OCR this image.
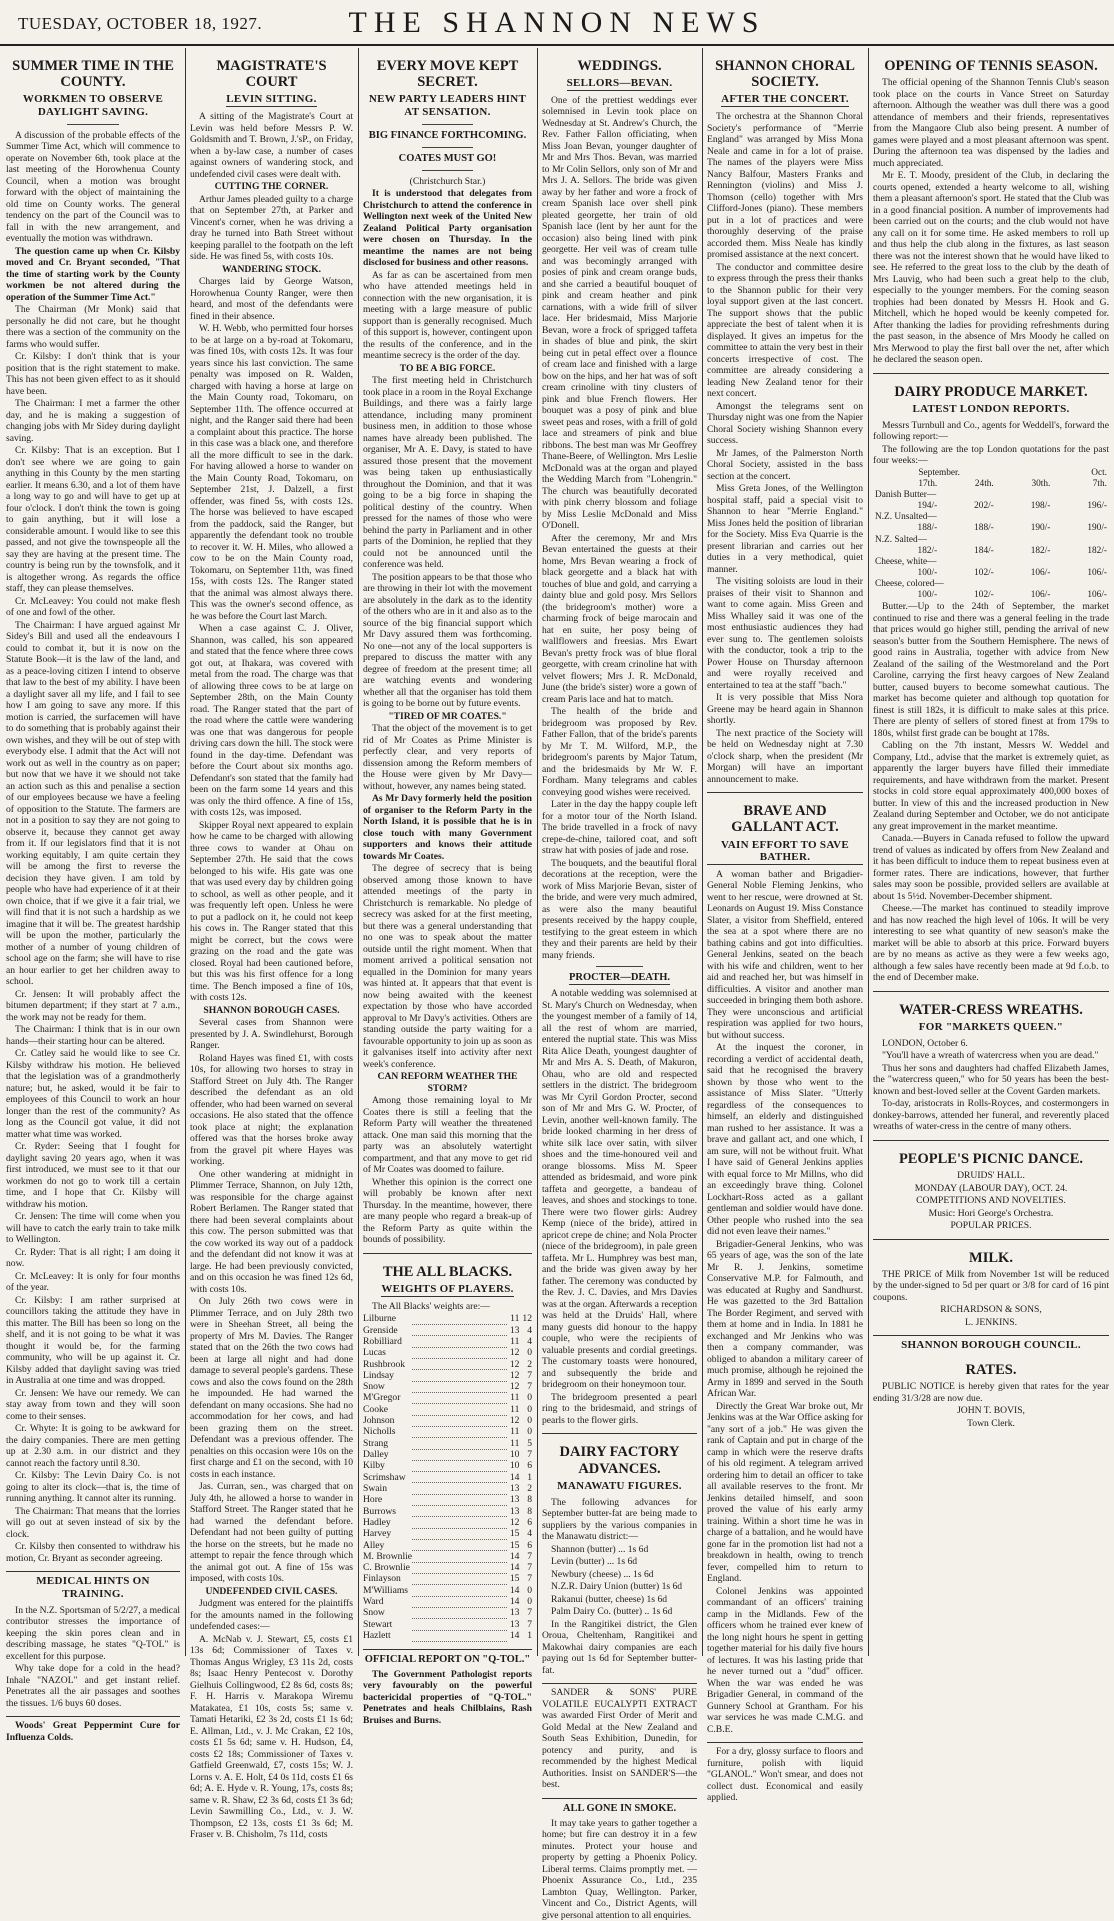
TUESDAY, OCTOBER 18, 1927.	THE SHANNON NEWS
SUMMER TIME IN THE COUNTY.
WORKMEN TO OBSERVE DAYLIGHT SAVING.

A discussion of the probable effects of the Summer Time Act, which will commence to operate on November 6th, took place at the last meeting of the Horowhenua County Council, when a motion was brought forward with the object of maintaining the old time on County works. The general tendency on the part of the Council was to fall in with the new arrangement, and eventually the motion was withdrawn.

The question came up when Cr. Kilsby moved and Cr. Bryant seconded, "That the time of starting work by the County workmen be not altered during the operation of the Summer Time Act."

The Chairman (Mr Monk) said that personally he did not care, but he thought there was a section of the community on the farms who would suffer.

Cr. Kilsby: I don't think that is your position that is the right statement to make. This has not been given effect to as it should have been.

The Chairman: I met a farmer the other day, and he is making a suggestion of changing jobs with Mr Sidey during daylight saving.

Cr. Kilsby: That is an exception. But I don't see where we are going to gain anything in this County by the men starting earlier. It means 6.30, and a lot of them have a long way to go and will have to get up at four o'clock. I don't think the town is going to gain anything, but it will lose a considerable amount. I would like to see this passed, and not give the townspeople all the say they are having at the present time. The country is being run by the townsfolk, and it is altogether wrong. As regards the office staff, they can please themselves.

Cr. McLeavey: You could not make flesh of one and fowl of the other.

The Chairman: I have argued against Mr Sidey's Bill and used all the endeavours I could to combat it, but it is now on the Statute Book—it is the law of the land, and as a peace-loving citizen I intend to observe that law to the best of my ability. I have been a daylight saver all my life, and I fail to see how I am going to save any more. If this motion is carried, the surfacemen will have to do something that is probably against their own wishes, and they will be out of step with everybody else. I admit that the Act will not work out as well in the country as on paper; but now that we have it we should not take an action such as this and penalise a section of our employees because we have a feeling of opposition to the Statute. The farmers are not in a position to say they are not going to observe it, because they cannot get away from it. If our legislators find that it is not working equitably, I am quite certain they will be among the first to reverse the decision they have given. I am told by people who have had experience of it at their own choice, that if we give it a fair trial, we will find that it is not such a hardship as we imagine that it will be. The greatest hardship will be upon the mother, particularly the mother of a number of young children of school age on the farm; she will have to rise an hour earlier to get her children away to school.

Cr. Jensen: It will probably affect the bitumen department; if they start at 7 a.m., the work may not be ready for them.

The Chairman: I think that is in our own hands—their starting hour can be altered.

Cr. Catley said he would like to see Cr. Kilsby withdraw his motion. He believed that the legislation was of a grandmotherly nature; but, he asked, would it be fair to employees of this Council to work an hour longer than the rest of the community? As long as the Council got value, it did not matter what time was worked.

Cr. Ryder: Seeing that I fought for daylight saving 20 years ago, when it was first introduced, we must see to it that our workmen do not go to work till a certain time, and I hope that Cr. Kilsby will withdraw his motion.

Cr. Jensen: The time will come when you will have to catch the early train to take milk to Wellington.

Cr. Ryder: That is all right; I am doing it now.

Cr. McLeavey: It is only for four months of the year.

Cr. Kilsby: I am rather surprised at councillors taking the attitude they have in this matter. The Bill has been so long on the shelf, and it is not going to be what it was thought it would be, for the farming community, who will be up against it. Cr. Kilsby added that daylight saving was tried in Australia at one time and was dropped.

Cr. Jensen: We have our remedy. We can stay away from town and they will soon come to their senses.

Cr. Whyte: It is going to be awkward for the dairy companies. There are men getting up at 2.30 a.m. in our district and they cannot reach the factory until 8.30.

Cr. Kilsby: The Levin Dairy Co. is not going to alter its clock—that is, the time of running anything. It cannot alter its running.

The Chairman: That means that the lorries will go out at seven instead of six by the clock.

Cr. Kilsby then consented to withdraw his motion, Cr. Bryant as seconder agreeing.

MEDICAL HINTS ON TRAINING.

In the N.Z. Sportsman of 5/2/27, a medical contributor stresses the importance of keeping the skin pores clean and in describing massage, he states "Q-TOL" is excellent for this purpose.

Why take dope for a cold in the head? Inhale "NAZOL" and get instant relief. Penetrates all the air passages and soothes the tissues. 1/6 buys 60 doses.

Woods' Great Peppermint Cure for Influenza Colds.

MAGISTRATE'S COURT
LEVIN SITTING.

A sitting of the Magistrate's Court at Levin was held before Messrs P. W. Goldsmith and T. Brown, J.'sP., on Friday, when a by-law case, a number of cases against owners of wandering stock, and undefended civil cases were dealt with.

CUTTING THE CORNER.

Arthur James pleaded guilty to a charge that on September 27th, at Parker and Vincent's corner, when he was driving a dray he turned into Bath Street without keeping parallel to the footpath on the left side. He was fined 5s, with costs 10s.

WANDERING STOCK.

Charges laid by George Watson, Horowhenua County Ranger, were then heard, and most of the defendants were fined in their absence.

W. H. Webb, who permitted four horses to be at large on a by-road at Tokomaru, was fined 10s, with costs 12s. It was four years since his last conviction. The same penalty was imposed on R. Walden, charged with having a horse at large on the Main County road, Tokomaru, on September 11th. The offence occurred at night, and the Ranger said there had been a complaint about this practice. The horse in this case was a black one, and therefore all the more difficult to see in the dark. For having allowed a horse to wander on the Main County Road, Tokomaru, on September 21st, J. Dalzell, a first offender, was fined 5s, with costs 12s. The horse was believed to have escaped from the paddock, said the Ranger, but apparently the defendant took no trouble to recover it. W. H. Miles, who allowed a cow to be on the Main County road, Tokomaru, on September 11th, was fined 15s, with costs 12s. The Ranger stated that the animal was almost always there. This was the owner's second offence, as he was before the Court last March.

When a case against C. J. Oliver, Shannon, was called, his son appeared and stated that the fence where three cows got out, at Ihakara, was covered with metal from the road. The charge was that of allowing three cows to be at large on September 28th, on the Main County road. The Ranger stated that the part of the road where the cattle were wandering was one that was dangerous for people driving cars down the hill. The stock were found in the day-time. Defendant was before the Court about six months ago. Defendant's son stated that the family had been on the farm some 14 years and this was only the third offence. A fine of 15s, with costs 12s, was imposed.

Skipper Royal next appeared to explain how he came to be charged with allowing three cows to wander at Ohau on September 27th. He said that the cows belonged to his wife. His gate was one that was used every day by children going to school, as well as other people, and it was frequently left open. Unless he were to put a padlock on it, he could not keep his cows in. The Ranger stated that this might be correct, but the cows were grazing on the road and the gate was closed. Royal had been cautioned before, but this was his first offence for a long time. The Bench imposed a fine of 10s, with costs 12s.

SHANNON BOROUGH CASES.

Several cases from Shannon were presented by J. A. Swindlehurst, Borough Ranger.

Roland Hayes was fined £1, with costs 10s, for allowing two horses to stray in Stafford Street on July 4th. The Ranger described the defendant as an old offender, who had been warned on several occasions. He also stated that the offence took place at night; the explanation offered was that the horses broke away from the gravel pit where Hayes was working.

One other wandering at midnight in Plimmer Terrace, Shannon, on July 12th, was responsible for the charge against Robert Berlamen. The Ranger stated that there had been several complaints about this cow. The person submitted was that the cow worked its way out of a paddock and the defendant did not know it was at large. He had been previously convicted, and on this occasion he was fined 12s 6d, with costs 10s.

On July 26th two cows were in Plimmer Terrace, and on July 28th two were in Sheehan Street, all being the property of Mrs M. Davies. The Ranger stated that on the 26th the two cows had been at large all night and had done damage to several people's gardens. These cows and also the cows found on the 28th he impounded. He had warned the defendant on many occasions. She had no accommodation for her cows, and had been grazing them on the street. Defendant was a previous offender. The penalties on this occasion were 10s on the first charge and £1 on the second, with 10 costs in each instance.

Jas. Curran, sen., was charged that on July 4th, he allowed a horse to wander in Stafford Street. The Ranger stated that he had warned the defendant before. Defendant had not been guilty of putting the horse on the streets, but he made no attempt to repair the fence through which the animal got out. A fine of 15s was imposed, with costs 10s.

UNDEFENDED CIVIL CASES.

Judgment was entered for the plaintiffs for the amounts named in the following undefended cases:—

A. McNab v. J. Stewart, £5, costs £1 13s 6d; Commissioner of Taxes v. Thomas Angus Wrigley, £3 11s 2d, costs 8s; Isaac Henry Pentecost v. Dorothy Gielhuis Collingwood, £2 8s 6d, costs 8s; F. H. Harris v. Marakopa Wiremu Matakatea, £1 10s, costs 5s; same v. Tamati Hetariki, £2 3s 2d, costs £1 1s 6d; E. Allman, Ltd., v. J. Mc Crakan, £2 10s, costs £1 5s 6d; same v. H. Hudson, £4, costs £2 18s; Commissioner of Taxes v. Gatfield Greenwald, £7, costs 15s; W. J. Lorns v. A. E. Holt, £4 0s 11d, costs £1 6s 6d; A. E. Hyde v. R. Young, 17s, costs 8s; same v. R. Shaw, £2 3s 6d, costs £1 3s 6d; Levin Sawmilling Co., Ltd., v. J. W. Thompson, £2 13s, costs £1 3s 6d; M. Fraser v. B. Chisholm, 7s 11d, costs

EVERY MOVE KEPT SECRET.
NEW PARTY LEADERS HINT AT SENSATION.
BIG FINANCE FORTHCOMING.
COATES MUST GO!

(Christchurch Star.)

It is understood that delegates from Christchurch to attend the conference in Wellington next week of the United New Zealand Political Party organisation were chosen on Thursday. In the meantime the names are not being disclosed for business and other reasons.

As far as can be ascertained from men who have attended meetings held in connection with the new organisation, it is meeting with a large measure of public support than is generally recognised. Much of this support is, however, contingent upon the results of the conference, and in the meantime secrecy is the order of the day.

TO BE A BIG FORCE.

The first meeting held in Christchurch took place in a room in the Royal Exchange Buildings, and there was a fairly large attendance, including many prominent business men, in addition to those whose names have already been published. The organiser, Mr A. E. Davy, is stated to have assured those present that the movement was being taken up enthusiastically throughout the Dominion, and that it was going to be a big force in shaping the political destiny of the country. When pressed for the names of those who were behind the party in Parliament and in other parts of the Dominion, he replied that they could not be announced until the conference was held.

The position appears to be that those who are throwing in their lot with the movement are absolutely in the dark as to the identity of the others who are in it and also as to the source of the big financial support which Mr Davy assured them was forthcoming. No one—not any of the local supporters is prepared to discuss the matter with any degree of freedom at the present time; all are watching events and wondering whether all that the organiser has told them is going to be borne out by future events.

"TIRED OF MR COATES."

That the object of the movement is to get rid of Mr Coates as Prime Minister is perfectly clear, and very reports of dissension among the Reform members of the House were given by Mr Davy—without, however, any names being stated.

As Mr Davy formerly held the position of organiser to the Reform Party in the North Island, it is possible that he is in close touch with many Government supporters and knows their attitude towards Mr Coates.

The degree of secrecy that is being observed among those known to have attended meetings of the party in Christchurch is remarkable. No pledge of secrecy was asked for at the first meeting, but there was a general understanding that no one was to speak about the matter outside until the right moment. When that moment arrived a political sensation not equalled in the Dominion for many years was hinted at. It appears that that event is now being awaited with the keenest expectation by those who have accorded approval to Mr Davy's activities. Others are standing outside the party waiting for a favourable opportunity to join up as soon as it galvanises itself into activity after next week's conference.

CAN REFORM WEATHER THE STORM?

Among those remaining loyal to Mr Coates there is still a feeling that the Reform Party will weather the threatened attack. One man said this morning that the party was an absolutely watertight compartment, and that any move to get rid of Mr Coates was doomed to failure.

Whether this opinion is the correct one will probably be known after next Thursday. In the meantime, however, there are many people who regard a break-up of the Reform Party as quite within the bounds of possibility.

THE ALL BLACKS.
WEIGHTS OF PLAYERS.

The All Blacks' weights are:—

Lilburne		11	12
Grenside		13	4
Robilliard		11	4
Lucas		12	0
Rushbrook		12	2
Lindsay		12	7
Snow		12	7
M'Gregor		11	0
Cooke		11	0
Johnson		12	0
Nicholls		11	0
Strang		11	5
Dalley		10	7
Kilby		10	6
Scrimshaw		14	1
Swain		13	2
Hore		13	8
Burrows		13	8
Hadley		12	6
Harvey		15	4
Alley		15	6
M. Brownlie		14	7
C. Brownlie		14	7
Finlayson		15	7
M'Williams		14	0
Ward		14	0
Snow		13	7
Stewart		13	7
Hazlett		14	1
OFFICIAL REPORT ON "Q-TOL."

The Government Pathologist reports very favourably on the powerful bactericidal properties of "Q-TOL." Penetrates and heals Chilblains, Rash Bruises and Burns.

WEDDINGS.
SELLORS—BEVAN.

One of the prettiest weddings ever solemnised in Levin took place on Wednesday at St. Andrew's Church, the Rev. Father Fallon officiating, when Miss Joan Bevan, younger daughter of Mr and Mrs Thos. Bevan, was married to Mr Colin Sellors, only son of Mr and Mrs J. A. Sellors. The bride was given away by her father and wore a frock of cream Spanish lace over shell pink pleated georgette, her train of old Spanish lace (lent by her aunt for the occasion) also being lined with pink georgette. Her veil was of cream tulle and was becomingly arranged with posies of pink and cream orange buds, and she carried a beautiful bouquet of pink and cream heather and pink carnations, with a wide frill of silver lace. Her bridesmaid, Miss Marjorie Bevan, wore a frock of sprigged taffeta in shades of blue and pink, the skirt being cut in petal effect over a flounce of cream lace and finished with a large bow on the hips, and her hat was of soft cream crinoline with tiny clusters of pink and blue French flowers. Her bouquet was a posy of pink and blue sweet peas and roses, with a frill of gold lace and streamers of pink and blue ribbons. The best man was Mr Geoffrey Thane-Beere, of Wellington. Mrs Leslie McDonald was at the organ and played the Wedding March from "Lohengrin." The church was beautifully decorated with pink cherry blossom and foliage by Miss Leslie McDonald and Miss O'Donell.

After the ceremony, Mr and Mrs Bevan entertained the guests at their home, Mrs Bevan wearing a frock of black georgette and a black hat with touches of blue and gold, and carrying a dainty blue and gold posy. Mrs Sellors (the bridegroom's mother) wore a charming frock of beige marocain and hat en suite, her posy being of wallflowers and freesias. Mrs Ewart Bevan's pretty frock was of blue floral georgette, with cream crinoline hat with velvet flowers; Mrs J. R. McDonald, June (the bride's sister) wore a gown of cream Paris lace and hat to match.

The health of the bride and bridegroom was proposed by Rev. Father Fallon, that of the bride's parents by Mr T. M. Wilford, M.P., the bridegroom's parents by Major Tatum, and the bridesmaids by Mr W. F. Fordham. Many telegrams and cables conveying good wishes were received.

Later in the day the happy couple left for a motor tour of the North Island. The bride travelled in a frock of navy crepe-de-chine, tailored coat, and soft straw hat with posies of jade and rose.

The bouquets, and the beautiful floral decorations at the reception, were the work of Miss Marjorie Bevan, sister of the bride, and were very much admired, as were also the many beautiful presents received by the happy couple, testifying to the great esteem in which they and their parents are held by their many friends.

PROCTER—DEATH.

A notable wedding was solemnised at St. Mary's Church on Wednesday, when the youngest member of a family of 14, all the rest of whom are married, entered the nuptial state. This was Miss Rita Alice Death, youngest daughter of Mr and Mrs A. S. Death, of Makuron, Ohau, who are old and respected settlers in the district. The bridegroom was Mr Cyril Gordon Procter, second son of Mr and Mrs G. W. Procter, of Levin, another well-known family. The bride looked charming in her dress of white silk lace over satin, with silver shoes and the time-honoured veil and orange blossoms. Miss M. Speer attended as bridesmaid, and wore pink taffeta and georgette, a bandeau of leaves, and shoes and stockings to tone. There were two flower girls: Audrey Kemp (niece of the bride), attired in apricot crepe de chine; and Nola Procter (niece of the bridegroom), in pale green taffeta. Mr L. Humphrey was best man, and the bride was given away by her father. The ceremony was conducted by the Rev. J. C. Davies, and Mrs Davies was at the organ. Afterwards a reception was held at the Druids' Hall, where many guests did honour to the happy couple, who were the recipients of valuable presents and cordial greetings. The customary toasts were honoured, and subsequently the bride and bridegroom on their honeymoon tour.

The bridegroom presented a pearl ring to the bridesmaid, and strings of pearls to the flower girls.

DAIRY FACTORY ADVANCES.
MANAWATU FIGURES.

The following advances for September butter-fat are being made to suppliers by the various companies in the Manawatu district:—

Shannon (butter) ... 1s 6d

Levin (butter) ... 1s 6d

Newbury (cheese) ... 1s 6d

N.Z.R. Dairy Union (butter) 1s 6d

Rakanui (butter, cheese) 1s 6d

Palm Dairy Co. (butter) .. 1s 6d

In the Rangitikei district, the Glen Oroua, Cheltenham, Rangitikei and Makowhai dairy companies are each paying out 1s 6d for September butter-fat.

SANDER & SONS' PURE VOLATILE EUCALYPTI EXTRACT was awarded First Order of Merit and Gold Medal at the New Zealand and South Seas Exhibition, Dunedin, for potency and purity, and is recommended by the highest Medical Authorities. Insist on SANDER'S—the best.

ALL GONE IN SMOKE.

It may take years to gather together a home; but fire can destroy it in a few minutes. Protect your house and property by getting a Phoenix Policy. Liberal terms. Claims promptly met. —Phoenix Assurance Co., Ltd., 235 Lambton Quay, Wellington. Parker, Vincent and Co., District Agents, will give personal attention to all enquiries.

SHANNON CHORAL SOCIETY.
AFTER THE CONCERT.

The orchestra at the Shannon Choral Society's performance of "Merrie England" was arranged by Miss Mona Neale and came in for a lot of praise. The names of the players were Miss Nancy Balfour, Masters Franks and Rennington (violins) and Miss J. Thomson (cello) together with Mrs Clifford-Jones (piano). These members put in a lot of practices and were thoroughly deserving of the praise accorded them. Miss Neale has kindly promised assistance at the next concert.

The conductor and committee desire to express through the press their thanks to the Shannon public for their very loyal support given at the last concert. The support shows that the public appreciate the best of talent when it is displayed. It gives an impetus for the committee to attain the very best in their concerts irrespective of cost. The committee are already considering a leading New Zealand tenor for their next concert.

Amongst the telegrams sent on Thursday night was one from the Napier Choral Society wishing Shannon every success.

Mr James, of the Palmerston North Choral Society, assisted in the bass section at the concert.

Miss Greta Jones, of the Wellington hospital staff, paid a special visit to Shannon to hear "Merrie England." Miss Jones held the position of librarian for the Society. Miss Eva Quarrie is the present librarian and carries out her duties in a very methodical, quiet manner.

The visiting soloists are loud in their praises of their visit to Shannon and want to come again. Miss Green and Miss Whalley said it was one of the most enthusiastic audiences they had ever sung to. The gentlemen soloists with the conductor, took a trip to the Power House on Thursday afternoon and were royally received and entertained to tea at the staff "bach."

It is very possible that Miss Nora Greene may be heard again in Shannon shortly.

The next practice of the Society will be held on Wednesday night at 7.30 o'clock sharp, when the president (Mr Morgan) will have an important announcement to make.

BRAVE AND GALLANT ACT.
VAIN EFFORT TO SAVE BATHER.

A woman bather and Brigadier-General Noble Fleming Jenkins, who went to her rescue, were drowned at St. Leonards on August 19. Miss Constance Slater, a visitor from Sheffield, entered the sea at a spot where there are no bathing cabins and got into difficulties. General Jenkins, seated on the beach with his wife and children, went to her aid and reached her, but was himself in difficulties. A visitor and another man succeeded in bringing them both ashore. They were unconscious and artificial respiration was applied for two hours, but without success.

At the inquest the coroner, in recording a verdict of accidental death, said that he recognised the bravery shown by those who went to the assistance of Miss Slater. "Utterly regardless of the consequences to himself, an elderly and distinguished man rushed to her assistance. It was a brave and gallant act, and one which, I am sure, will not be without fruit. What I have said of General Jenkins applies with equal force to Mr Millns, who did an exceedingly brave thing. Colonel Lockhart-Ross acted as a gallant gentleman and soldier would have done. Other people who rushed into the sea did not even leave their names."

Brigadier-General Jenkins, who was 65 years of age, was the son of the late Mr R. J. Jenkins, sometime Conservative M.P. for Falmouth, and was educated at Rugby and Sandhurst. He was gazetted to the 3rd Battalion The Border Regiment, and served with them at home and in India. In 1881 he exchanged and Mr Jenkins who was then a company commander, was obliged to abandon a military career of much promise, although he rejoined the Army in 1899 and served in the South African War.

Directly the Great War broke out, Mr Jenkins was at the War Office asking for "any sort of a job." He was given the rank of Captain and put in charge of the camp in which were the reserve drafts of his old regiment. A telegram arrived ordering him to detail an officer to take all available reserves to the front. Mr Jenkins detailed himself, and soon proved the value of his early army training. Within a short time he was in charge of a battalion, and he would have gone far in the promotion list had not a breakdown in health, owing to trench fever, compelled him to return to England.

Colonel Jenkins was appointed commandant of an officers' training camp in the Midlands. Few of the officers whom he trained ever knew of the long night hours he spent in getting together material for his daily five hours of lectures. It was his lasting pride that he never turned out a "dud" officer. When the war was ended he was Brigadier General, in command of the Gunnery School at Grantham. For his war services he was made C.M.G. and C.B.E.

For a dry, glossy surface to floors and furniture, polish with liquid "GLANOL." Won't smear, and does not collect dust. Economical and easily applied.

OPENING OF TENNIS SEASON.

The official opening of the Shannon Tennis Club's season took place on the courts in Vance Street on Saturday afternoon. Although the weather was dull there was a good attendance of members and their friends, representatives from the Mangaore Club also being present. A number of games were played and a most pleasant afternoon was spent. During the afternoon tea was dispensed by the ladies and much appreciated.

Mr E. T. Moody, president of the Club, in declaring the courts opened, extended a hearty welcome to all, wishing them a pleasant afternoon's sport. He stated that the Club was in a good financial position. A number of improvements had been carried out on the courts; and the club would not have any call on it for some time. He asked members to roll up and thus help the club along in the fixtures, as last season there was not the interest shown that he would have liked to see. He referred to the great loss to the club by the death of Mrs Lauvig, who had been such a great help to the club, especially to the younger members. For the coming season trophies had been donated by Messrs H. Hook and G. Mitchell, which he hoped would be keenly competed for. After thanking the ladies for providing refreshments during the past season, in the absence of Mrs Moody he called on Mrs Merwood to play the first ball over the net, after which he declared the season open.

DAIRY PRODUCE MARKET.
LATEST LONDON REPORTS.

Messrs Turnbull and Co., agents for Weddell's, forward the following report:—

The following are the top London quotations for the past four weeks:—

	September.			Oct.
	17th.	24th.	30th.	7th.
Danish Butter—				
	194/-	202/-	198/-	196/-
N.Z. Unsalted—				
	188/-	188/-	190/-	190/-
N.Z. Salted—				
	182/-	184/-	182/-	182/-
Cheese, white—				
	100/-	102/-	106/-	106/-
Cheese, colored—				
	100/-	102/-	106/-	106/-

Butter.—Up to the 24th of September, the market continued to rise and there was a general feeling in the trade that prices would go higher still, pending the arrival of new season's butter from the Southern Hemisphere. The news of good rains in Australia, together with advice from New Zealand of the sailing of the Westmoreland and the Port Caroline, carrying the first heavy cargoes of New Zealand butter, caused buyers to become somewhat cautious. The market has become quieter and although top quotation for finest is still 182s, it is difficult to make sales at this price. There are plenty of sellers of stored finest at from 179s to 180s, whilst first grade can be bought at 178s.

Cabling on the 7th instant, Messrs W. Weddel and Company, Ltd., advise that the market is extremely quiet, as apparently the larger buyers have filled their immediate requirements, and have withdrawn from the market. Present stocks in cold store equal approximately 400,000 boxes of butter. In view of this and the increased production in New Zealand during September and October, we do not anticipate any great improvement in the market meantime.

Canada.—Buyers in Canada refused to follow the upward trend of values as indicated by offers from New Zealand and it has been difficult to induce them to repeat business even at former rates. There are indications, however, that further sales may soon be possible, provided sellers are available at about 1s 5½d. November-December shipment.

Cheese.—The market has continued to steadily improve and has now reached the high level of 106s. It will be very interesting to see what quantity of new season's make the market will be able to absorb at this price. Forward buyers are by no means as active as they were a few weeks ago, although a few sales have recently been made at 9d f.o.b. to the end of December make.

WATER-CRESS WREATHS.
FOR "MARKETS QUEEN."

LONDON, October 6.

"You'll have a wreath of watercress when you are dead."

Thus her sons and daughters had chaffed Elizabeth James, the "watercress queen," who for 50 years has been the best-known and best-loved seller at the Covent Garden markets.

To-day, aristocrats in Rolls-Royces, and costermongers in donkey-barrows, attended her funeral, and reverently placed wreaths of water-cress in the centre of many others.

PEOPLE'S PICNIC DANCE.

DRUIDS' HALL.

MONDAY (LABOUR DAY), OCT. 24.

COMPETITIONS AND NOVELTIES.

Music: Hori George's Orchestra.

POPULAR PRICES.

MILK.

THE PRICE of Milk from November 1st will be reduced by the under-signed to 5d per quart or 3/8 for card of 16 pint coupons.

RICHARDSON & SONS,

L. JENKINS.

SHANNON BOROUGH COUNCIL.
RATES.

PUBLIC NOTICE is hereby given that rates for the year ending 31/3/28 are now due.

JOHN T. BOVIS,

Town Clerk.
